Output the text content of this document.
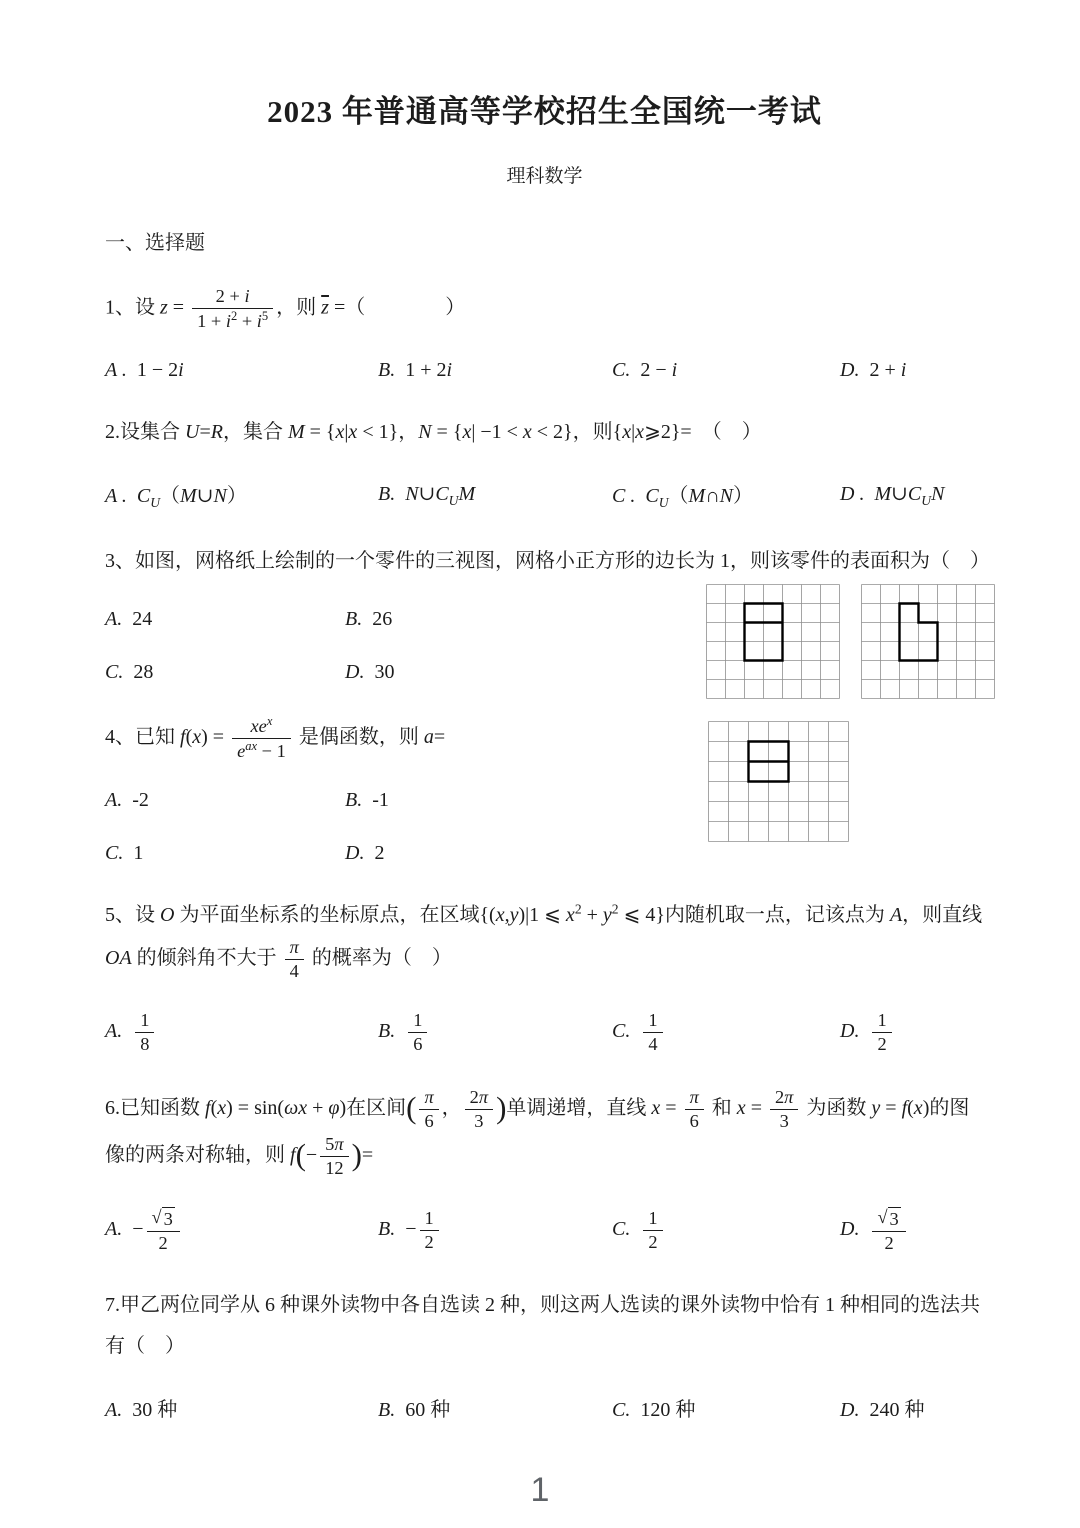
2023 年普通高等学校招生全国统一考试
理科数学
一、选择题

1、设 $z = \frac{2 + i}{1 + i^2 + i^5}$ ，则 $\overline{z}$ =（　　　　）

A . 1 − 2i	B. 1 + 2i	C. 2 − i	D. 2 + i

2.设集合 U=R，集合 M = {x|x < 1}，N = {x| −1 < x < 2}，则{x|x⩾2}=　（　）

A . $C_U(M\cup N)$	B. $N\cup C_UM$	C . $C_U(M\cap N)$	D . $M\cup C_UN$

3、如图，网格纸上绘制的一个零件的三视图，网格小正方形的边长为 1，则该零件的表面积为（　）

A. 24	B. 26
C. 28	D. 30

4、已知 $f(x) = \frac{xe^x}{e^{ax} - 1}$ 是偶函数，则 a=

A. -2	B. -1
C. 1	D. 2

5、设 O 为平面坐标系的坐标原点，在区域{(x,y)|1 ⩽ $x^2 + y^2$ ⩽ 4}内随机取一点，记该点为 A，则直线 OA 的倾斜角不大于 $\frac{\pi}{4}$ 的概率为（　）

A. $\frac{1}{8}$	B. $\frac{1}{6}$	C. $\frac{1}{4}$	D. $\frac{1}{2}$

6.已知函数 f(x) = sin(ωx + φ)在区间( $\frac{\pi}{6}$ ， $\frac{2\pi}{3}$ )单调递增，直线 $x = \frac{\pi}{6}$ 和 $x = \frac{2\pi}{3}$ 为函数 y = f(x)的图像的两条对称轴，则 $f(- \frac{5\pi}{12}$ )=

A. − $\frac{√ 3}{2}$	B. − $\frac{1}{2}$	C. $\frac{1}{2}$	D. $\frac{√ 3}{2}$

7.甲乙两位同学从 6 种课外读物中各自选读 2 种，则这两人选读的课外读物中恰有 1 种相同的选法共有（　）

A. 30 种	B. 60 种	C. 120 种	D. 240 种
1
